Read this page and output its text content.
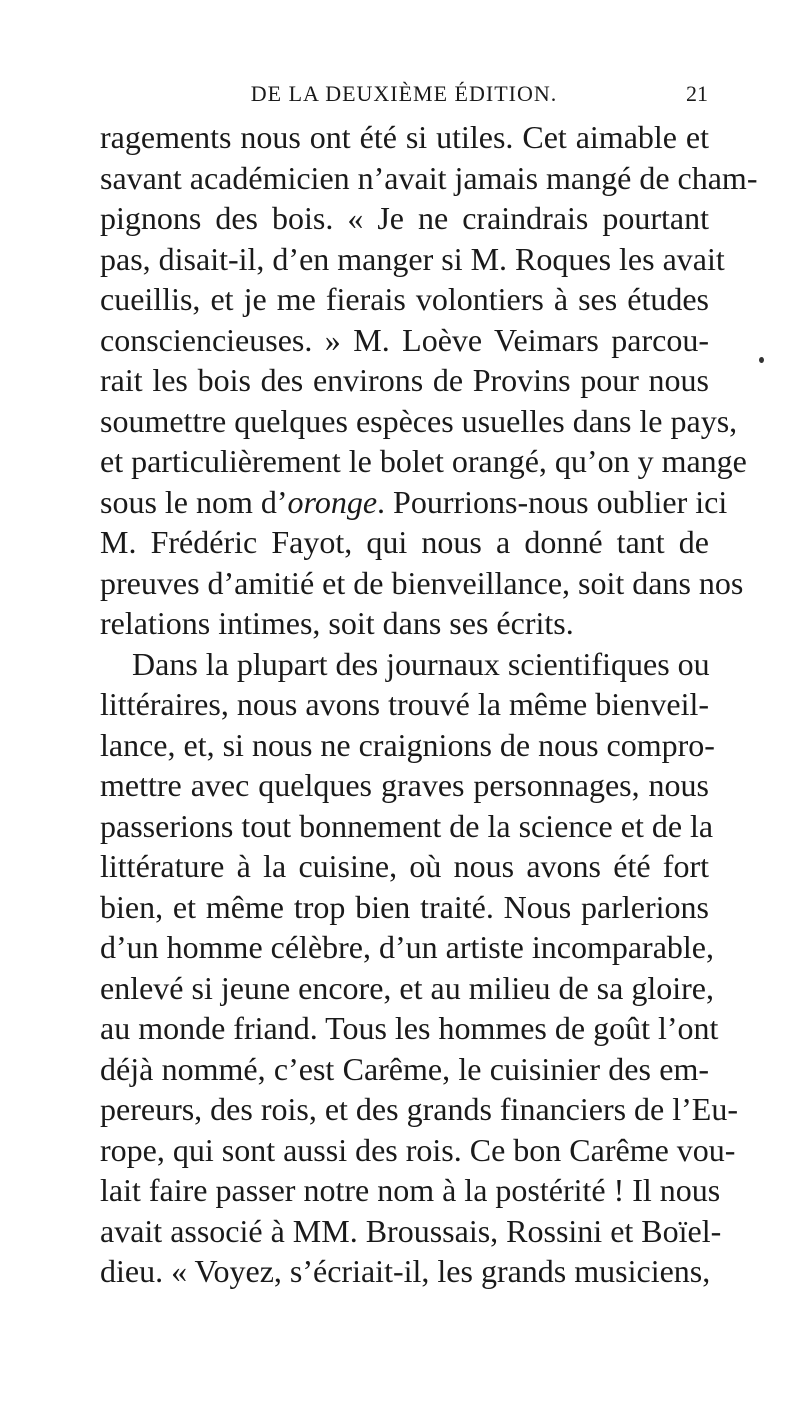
DE LA DEUXIÈME ÉDITION.	21
ragements nous ont été si utiles. Cet aimable et
savant académicien n’avait jamais mangé de cham-
pignons des bois. « Je ne craindrais pourtant
pas, disait-il, d’en manger si M. Roques les avait
cueillis, et je me fierais volontiers à ses études
consciencieuses. » M. Loève Veimars parcou-
rait les bois des environs de Provins pour nous
soumettre quelques espèces usuelles dans le pays,
et particulièrement le bolet orangé, qu’on y mange
sous le nom d’oronge. Pourrions-nous oublier ici
M. Frédéric Fayot, qui nous a donné tant de
preuves d’amitié et de bienveillance, soit dans nos
relations intimes, soit dans ses écrits.
Dans la plupart des journaux scientifiques ou
littéraires, nous avons trouvé la même bienveil-
lance, et, si nous ne craignions de nous compro-
mettre avec quelques graves personnages, nous
passerions tout bonnement de la science et de la
littérature à la cuisine, où nous avons été fort
bien, et même trop bien traité. Nous parlerions
d’un homme célèbre, d’un artiste incomparable,
enlevé si jeune encore, et au milieu de sa gloire,
au monde friand. Tous les hommes de goût l’ont
déjà nommé, c’est Carême, le cuisinier des em-
pereurs, des rois, et des grands financiers de l’Eu-
rope, qui sont aussi des rois. Ce bon Carême vou-
lait faire passer notre nom à la postérité ! Il nous
avait associé à MM. Broussais, Rossini et Boïel-
dieu. « Voyez, s’écriait-il, les grands musiciens,
